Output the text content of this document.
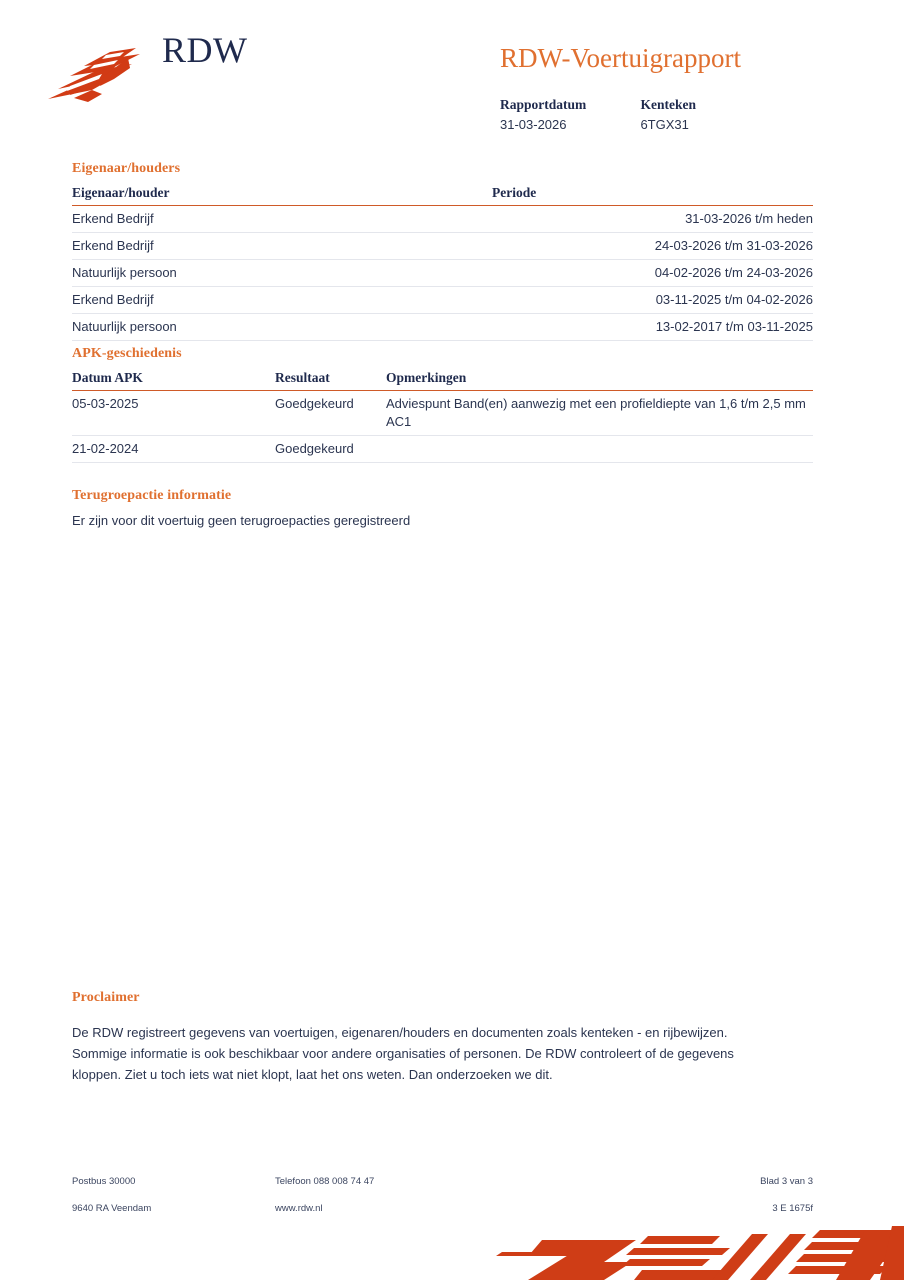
RDW	RDW-Voertuigrapport
Rapportdatum
31-03-2026

Kenteken
6TGX31
Eigenaar/houders
Eigenaar/houder	Periode
Erkend Bedrijf	31-03-2026 t/m heden
Erkend Bedrijf	24-03-2026 t/m 31-03-2026
Natuurlijk persoon	04-02-2026 t/m 24-03-2026
Erkend Bedrijf	03-11-2025 t/m 04-02-2026
Natuurlijk persoon	13-02-2017 t/m 03-11-2025
APK-geschiedenis
Datum APK	Resultaat	Opmerkingen
05-03-2025	Goedgekeurd	Adviespunt Band(en) aanwezig met een profieldiepte van 1,6 t/m 2,5 mm AC1
21-02-2024	Goedgekeurd	
Terugroepactie informatie

Er zijn voor dit voertuig geen terugroepacties geregistreerd

Proclaimer

De RDW registreert gegevens van voertuigen, eigenaren/houders en documenten zoals kenteken - en rijbewijzen.

Sommige informatie is ook beschikbaar voor andere organisaties of personen. De RDW controleert of de gegevens

kloppen. Ziet u toch iets wat niet klopt, laat het ons weten. Dan onderzoeken we dit.

Postbus 30000
9640 RA Veendam
Telefoon 088 008 74 47
www.rdw.nl
Blad 3 van 3
3 E 1675f
